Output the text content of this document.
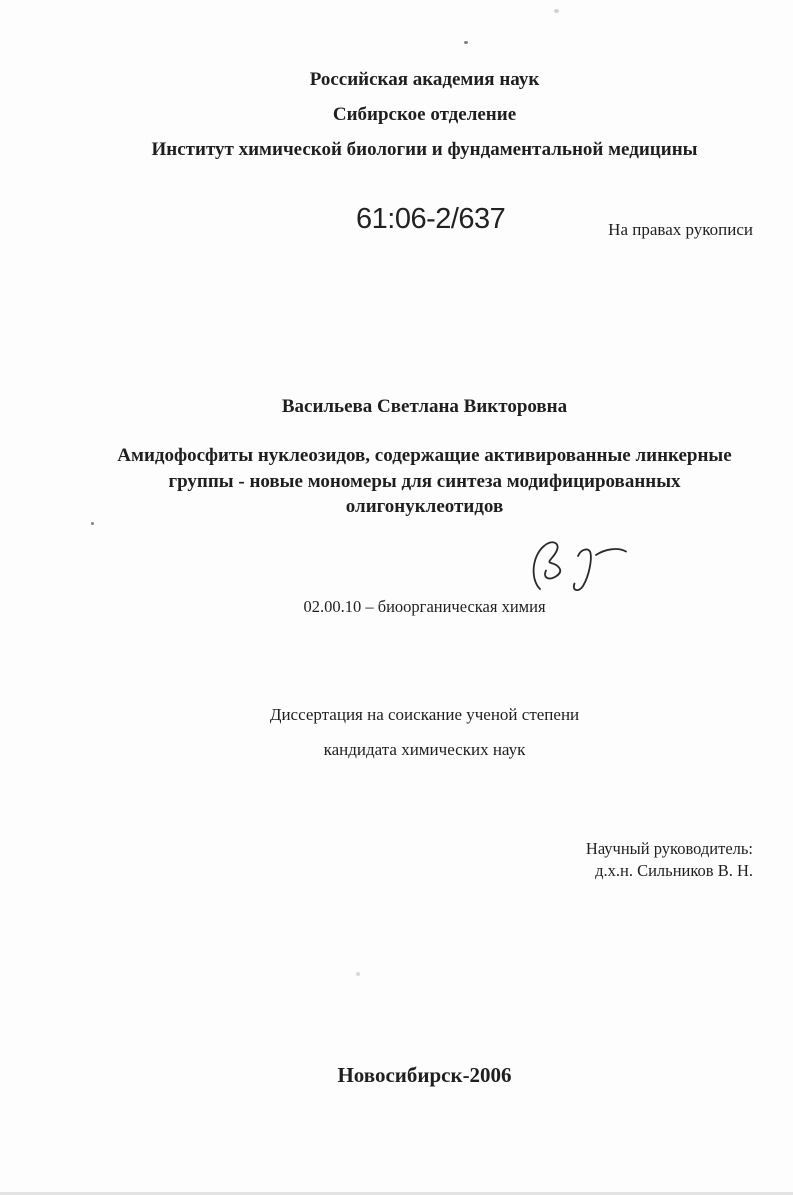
Российская академия наук
Сибирское отделение
Институт химической биологии и фундаментальной медицины
61:06-2/637	На правах рукописи
Васильева Светлана Викторовна
Амидофосфиты нуклеозидов, содержащие активированные линкерные
группы - новые мономеры для синтеза модифицированных
олигонуклеотидов
02.00.10 – биоорганическая химия
Диссертация на соискание ученой степени
кандидата химических наук
Научный руководитель:
д.х.н. Сильников В. Н.
Новосибирск-2006
